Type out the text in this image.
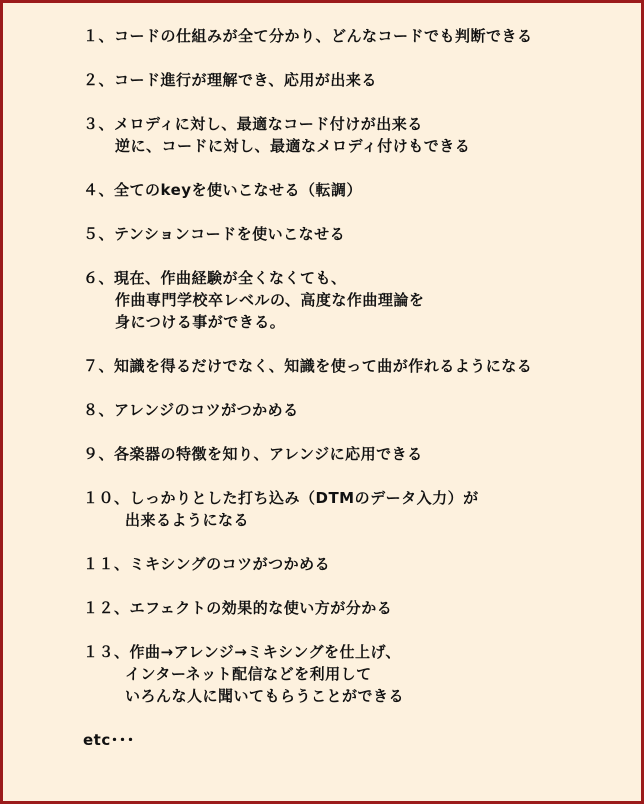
１、コードの仕組みが全て分かり、どんなコードでも判断できる
２、コード進行が理解でき、応用が出来る
３、メロディに対し、最適なコード付けが出来る
逆に、コードに対し、最適なメロディ付けもできる
４、全てのkeyを使いこなせる（転調）
５、テンションコードを使いこなせる
６、現在、作曲経験が全くなくても、
作曲専門学校卒レベルの、高度な作曲理論を
身につける事ができる。
７、知識を得るだけでなく、知識を使って曲が作れるようになる
８、アレンジのコツがつかめる
９、各楽器の特徴を知り、アレンジに応用できる
１０、しっかりとした打ち込み（DTMのデータ入力）が
出来るようになる
１１、ミキシングのコツがつかめる
１２、エフェクトの効果的な使い方が分かる
１３、作曲→アレンジ→ミキシングを仕上げ、
インターネット配信などを利用して
いろんな人に聞いてもらうことができる
etc･･･
